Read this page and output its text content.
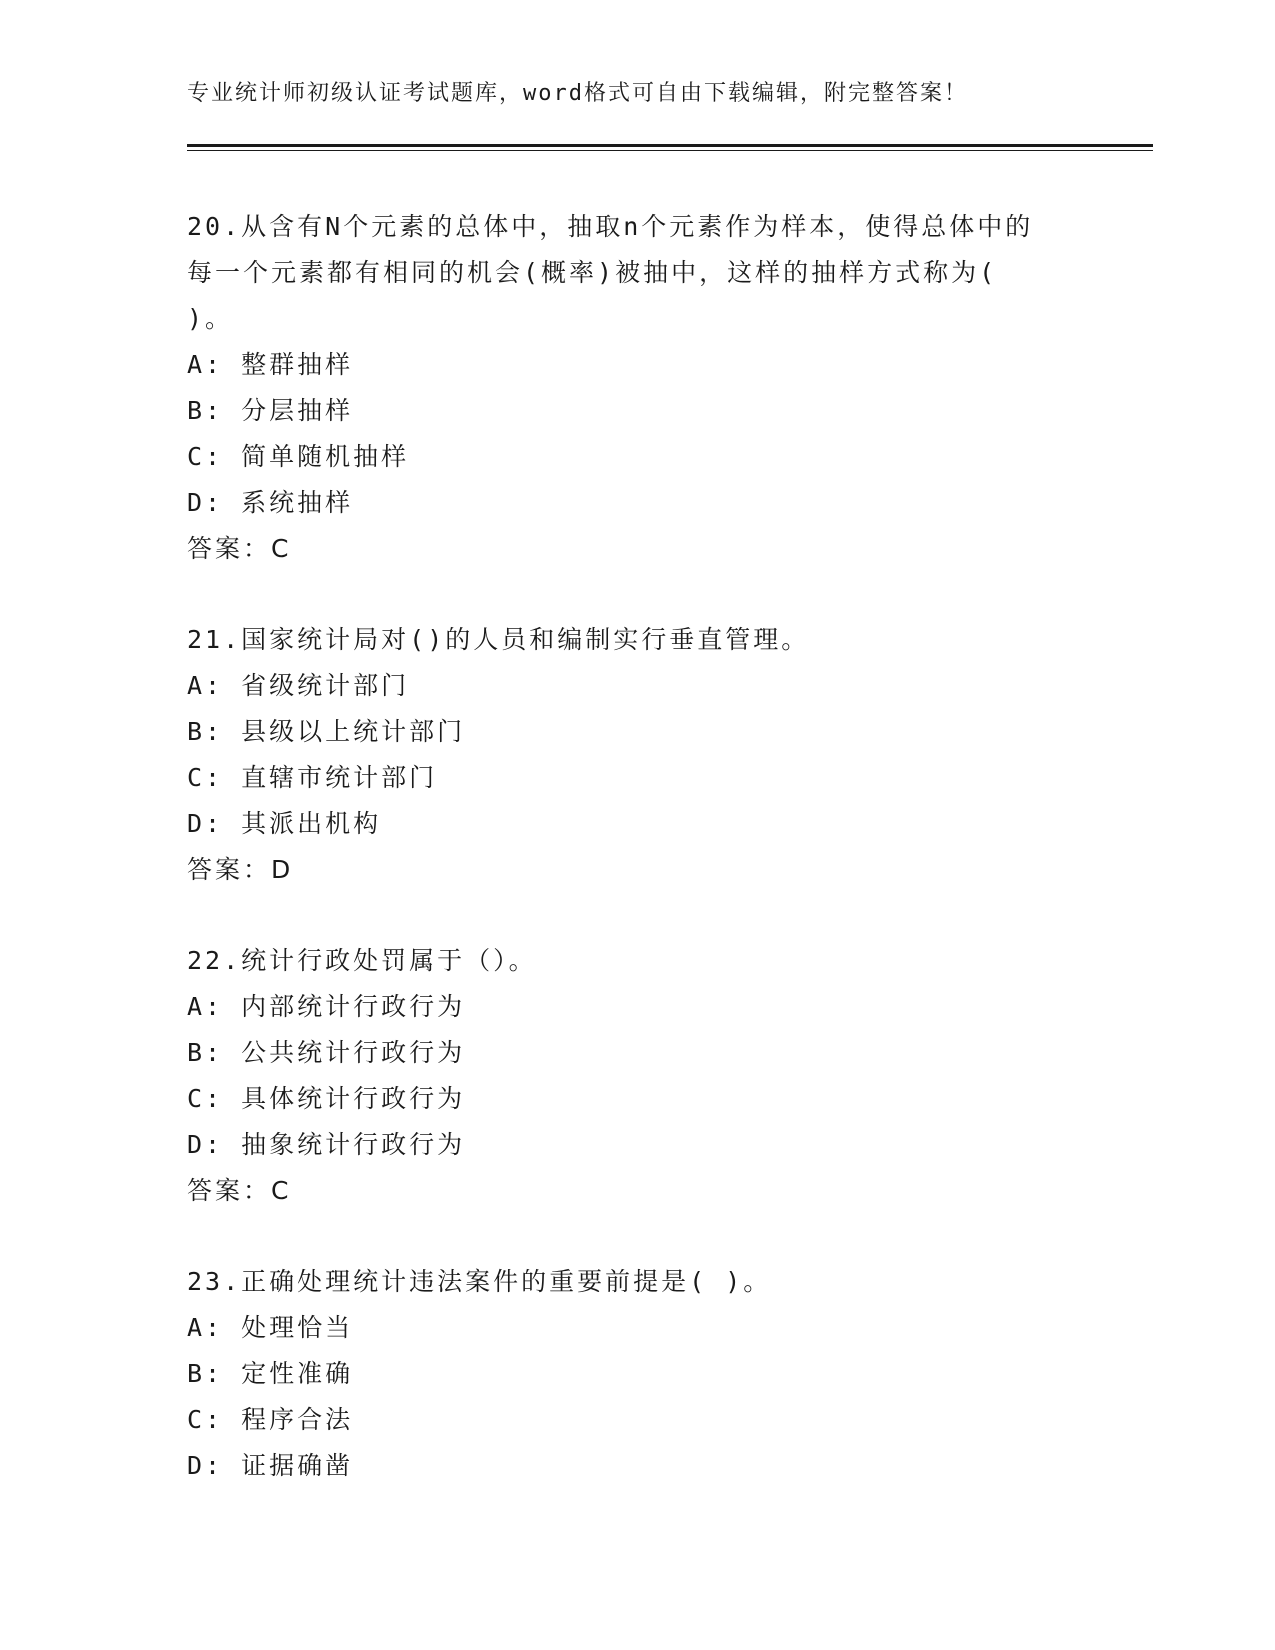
专业统计师初级认证考试题库，word格式可自由下载编辑，附完整答案！
20.从含有N个元素的总体中，抽取n个元素作为样本，使得总体中的
每一个元素都有相同的机会(概率)被抽中，这样的抽样方式称为(
)。
A: 整群抽样
B: 分层抽样
C: 简单随机抽样
D: 系统抽样
答案：C
21.国家统计局对()的人员和编制实行垂直管理。
A: 省级统计部门
B: 县级以上统计部门
C: 直辖市统计部门
D: 其派出机构
答案：D
22.统计行政处罚属于（）。
A: 内部统计行政行为
B: 公共统计行政行为
C: 具体统计行政行为
D: 抽象统计行政行为
答案：C
23.正确处理统计违法案件的重要前提是( )。
A: 处理恰当
B: 定性准确
C: 程序合法
D: 证据确凿
